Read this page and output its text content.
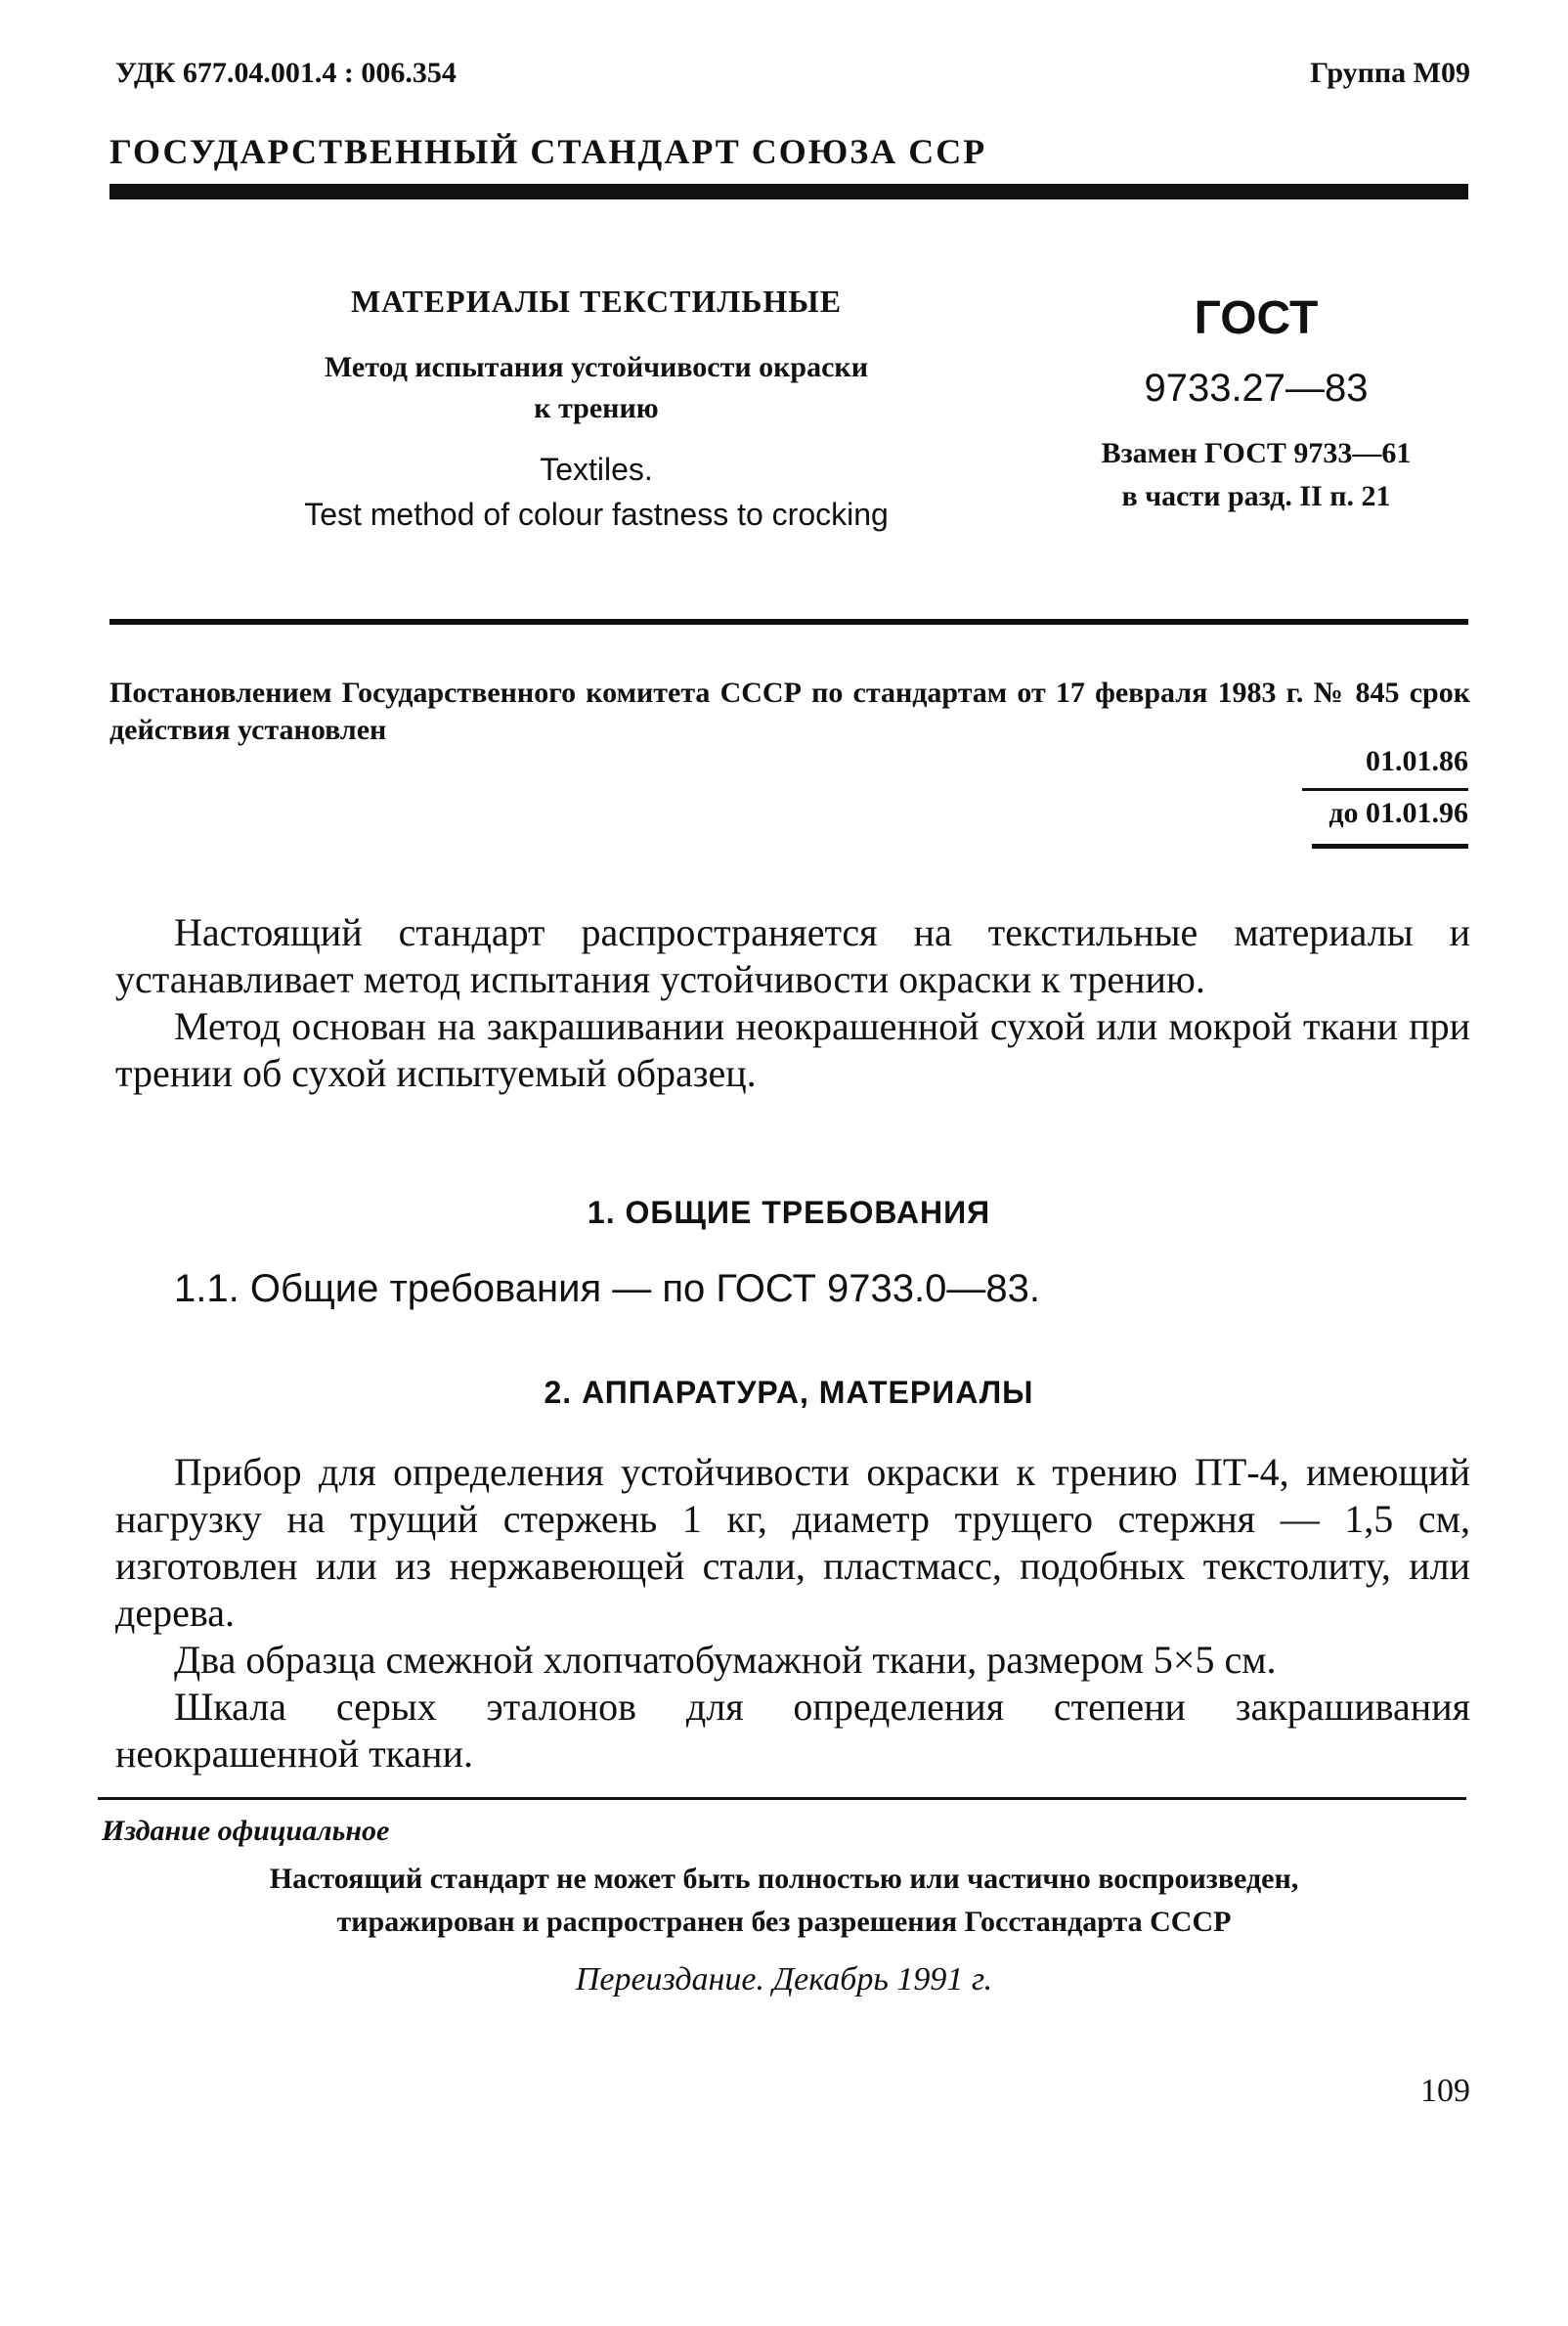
УДК 677.04.001.4 : 006.354	Группа М09
ГОСУДАРСТВЕННЫЙ СТАНДАРТ СОЮЗА ССР
МАТЕРИАЛЫ ТЕКСТИЛЬНЫЕ
Метод испытания устойчивости окраски
к трению
Textiles.
Test method of colour fastness to crocking
ГОСТ
9733.27—83
Взамен ГОСТ 9733—61
в части разд. II п. 21
Постановлением Государственного комитета СССР по стандартам от 17 февраля 1983 г. № 845 срок действия установлен
01.01.86
до 01.01.96

Настоящий стандарт распространяется на текстильные материалы и устанавливает метод испытания устойчивости окраски к трению.

Метод основан на закрашивании неокрашенной сухой или мокрой ткани при трении об сухой испытуемый образец.

1. ОБЩИЕ ТРЕБОВАНИЯ
1.1. Общие требования — по ГОСТ 9733.0—83.
2. АППАРАТУРА, МАТЕРИАЛЫ

Прибор для определения устойчивости окраски к трению ПТ-4, имеющий нагрузку на трущий стержень 1 кг, диаметр трущего стержня — 1,5 см, изготовлен или из нержавеющей стали, пластмасс, подобных текстолиту, или дерева.

Два образца смежной хлопчатобумажной ткани, размером 5×5 см.

Шкала серых эталонов для определения степени закрашивания неокрашенной ткани.

Издание официальное
Настоящий стандарт не может быть полностью или частично воспроизведен,
тиражирован и распространен без разрешения Госстандарта СССР
Переиздание. Декабрь 1991 г.
109
